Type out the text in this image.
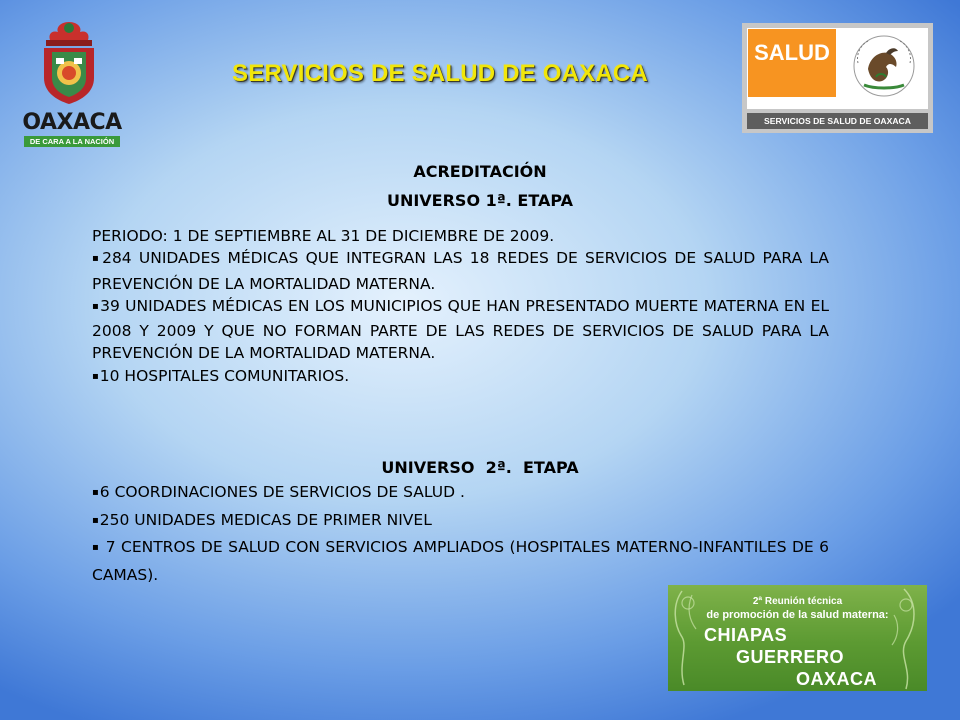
OAXACA
DE CARA A LA NACIÓN
SERVICIOS DE SALUD DE OAXACA
SALUD
SERVICIOS DE SALUD DE OAXACA
ACREDITACIÓN
UNIVERSO 1ª. ETAPA

PERIODO: 1 DE SEPTIEMBRE AL 31 DE DICIEMBRE DE 2009.

▪284 UNIDADES MÉDICAS QUE INTEGRAN LAS 18 REDES DE SERVICIOS DE SALUD PARA LA PREVENCIÓN DE LA MORTALIDAD MATERNA.

▪39 UNIDADES MÉDICAS EN LOS MUNICIPIOS QUE HAN PRESENTADO MUERTE MATERNA EN EL 2008 Y 2009 Y QUE NO FORMAN PARTE DE LAS REDES DE SERVICIOS DE SALUD PARA LA PREVENCIÓN DE LA MORTALIDAD MATERNA.

▪10 HOSPITALES COMUNITARIOS.

UNIVERSO  2ª.  ETAPA

▪6 COORDINACIONES DE SERVICIOS DE SALUD .

▪250 UNIDADES MEDICAS DE PRIMER NIVEL

▪ 7 CENTROS DE SALUD CON SERVICIOS AMPLIADOS (HOSPITALES MATERNO-INFANTILES DE 6 CAMAS).

2ª Reunión técnica
de promoción de la salud materna:
CHIAPAS
GUERRERO
OAXACA
